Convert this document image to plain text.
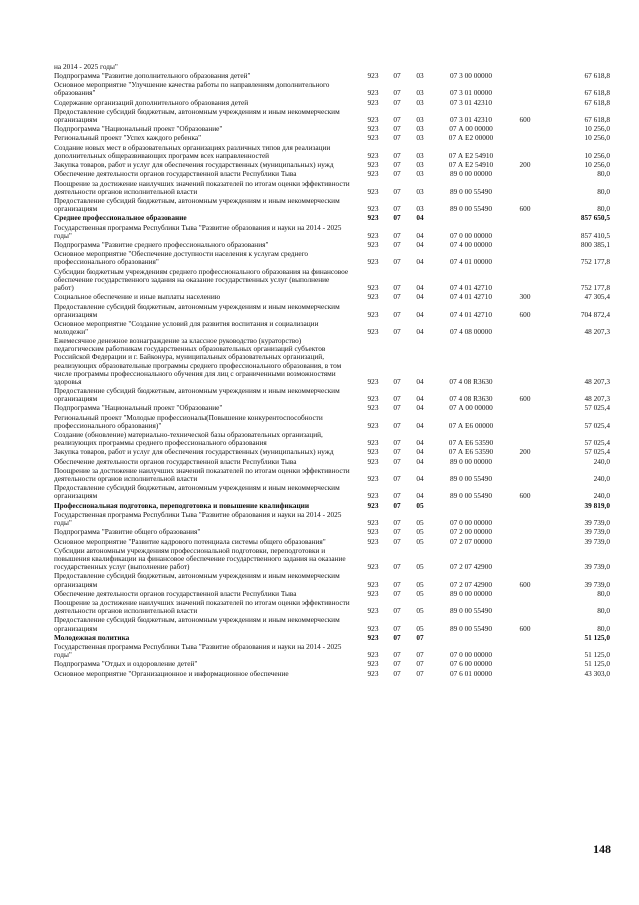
на 2014 - 2025 годы"						
Подпрограмма "Развитие дополнительного образования детей"	923	07	03	07 3 00 00000		67 618,8
Основное мероприятие "Улучшение качества работы по направлениям дополнительного образования"	923	07	03	07 3 01 00000		67 618,8
Содержание организаций дополнительного образования детей	923	07	03	07 3 01 42310		67 618,8
Предоставление субсидий бюджетным, автономным учреждениям и иным некоммерческим организациям	923	07	03	07 3 01 42310	600	67 618,8
Подпрограмма "Национальный проект "Образование"	923	07	03	07 А 00 00000		10 256,0
Региональный проект "Успех каждого ребенка"	923	07	03	07 А Е2 00000		10 256,0
Создание новых мест в образовательных организациях различных типов для реализации дополнительных общеразвивающих программ всех направленностей	923	07	03	07 А Е2 54910		10 256,0
Закупка товаров, работ и услуг для обеспечения государственных (муниципальных) нужд	923	07	03	07 А Е2 54910	200	10 256,0
Обеспечение деятельности органов государственной власти Республики Тыва	923	07	03	89 0 00 00000		80,0
Поощрение за достижение наилучших значений показателей по итогам оценки эффективности деятельности органов исполнительной власти	923	07	03	89 0 00 55490		80,0
Предоставление субсидий бюджетным, автономным учреждениям и иным некоммерческим организациям	923	07	03	89 0 00 55490	600	80,0
Среднее профессиональное образование	923	07	04			857 650,5
Государственная программа Республики Тыва "Развитие образования и науки на 2014 - 2025 годы"	923	07	04	07 0 00 00000		857 410,5
Подпрограмма "Развитие среднего профессионального образования"	923	07	04	07 4 00 00000		800 385,1
Основное мероприятие "Обеспечение доступности населения к услугам среднего профессионального образования"	923	07	04	07 4 01 00000		752 177,8
Субсидии бюджетным учреждениям среднего профессионального образования на финансовое обеспечение государственного задания на оказание государственных услуг (выполнение работ)	923	07	04	07 4 01 42710		752 177,8
Социальное обеспечение и иные выплаты населению	923	07	04	07 4 01 42710	300	47 305,4
Предоставление субсидий бюджетным, автономным учреждениям и иным некоммерческим организациям	923	07	04	07 4 01 42710	600	704 872,4
Основное мероприятие "Создание условий для развития воспитания и социализации молодежи"	923	07	04	07 4 08 00000		48 207,3
Ежемесячное денежное вознаграждение за классное руководство (кураторство) педагогическим работникам государственных образовательных организаций субъектов Российской Федерации и г. Байконура, муниципальных образовательных организаций, реализующих образовательные программы среднего профессионального образования, в том числе программы профессионального обучения для лиц с ограниченными возможностями здоровья	923	07	04	07 4 08 R3630		48 207,3
Предоставление субсидий бюджетным, автономным учреждениям и иным некоммерческим организациям	923	07	04	07 4 08 R3630	600	48 207,3
Подпрограмма "Национальный проект "Образование"	923	07	04	07 А 00 00000		57 025,4
Региональный проект "Молодые профессионалы(Повышение конкурентоспособности профессионального образования)"	923	07	04	07 А Е6 00000		57 025,4
Создание (обновление) материально-технической базы образовательных организаций, реализующих программы среднего профессионального образования	923	07	04	07 А Е6 53590		57 025,4
Закупка товаров, работ и услуг для обеспечения государственных (муниципальных) нужд	923	07	04	07 А Е6 53590	200	57 025,4
Обеспечение деятельности органов государственной власти Республики Тыва	923	07	04	89 0 00 00000		240,0
Поощрение за достижение наилучших значений показателей по итогам оценки эффективности деятельности органов исполнительной власти	923	07	04	89 0 00 55490		240,0
Предоставление субсидий бюджетным, автономным учреждениям и иным некоммерческим организациям	923	07	04	89 0 00 55490	600	240,0
Профессиональная подготовка, переподготовка и повышение квалификации	923	07	05			39 819,0
Государственная программа Республики Тыва "Развитие образования и науки на 2014 - 2025 годы"	923	07	05	07 0 00 00000		39 739,0
Подпрограмма "Развитие общего образования"	923	07	05	07 2 00 00000		39 739,0
Основное мероприятие "Развитие кадрового потенциала системы общего образования"	923	07	05	07 2 07 00000		39 739,0
Субсидии автономным учреждениям профессиональной подготовки, переподготовки и повышения квалификации на финансовое обеспечение государственного задания на оказание государственных услуг (выполнение работ)	923	07	05	07 2 07 42900		39 739,0
Предоставление субсидий бюджетным, автономным учреждениям и иным некоммерческим организациям	923	07	05	07 2 07 42900	600	39 739,0
Обеспечение деятельности органов государственной власти Республики Тыва	923	07	05	89 0 00 00000		80,0
Поощрение за достижение наилучших значений показателей по итогам оценки эффективности деятельности органов исполнительной власти	923	07	05	89 0 00 55490		80,0
Предоставление субсидий бюджетным, автономным учреждениям и иным некоммерческим организациям	923	07	05	89 0 00 55490	600	80,0
Молодежная политика	923	07	07			51 125,0
Государственная программа Республики Тыва "Развитие образования и науки на 2014 - 2025 годы"	923	07	07	07 0 00 00000		51 125,0
Подпрограмма "Отдых и оздоровление детей"	923	07	07	07 6 00 00000		51 125,0
Основное мероприятие "Организационное и информационное обеспечение	923	07	07	07 6 01 00000		43 303,0
148
